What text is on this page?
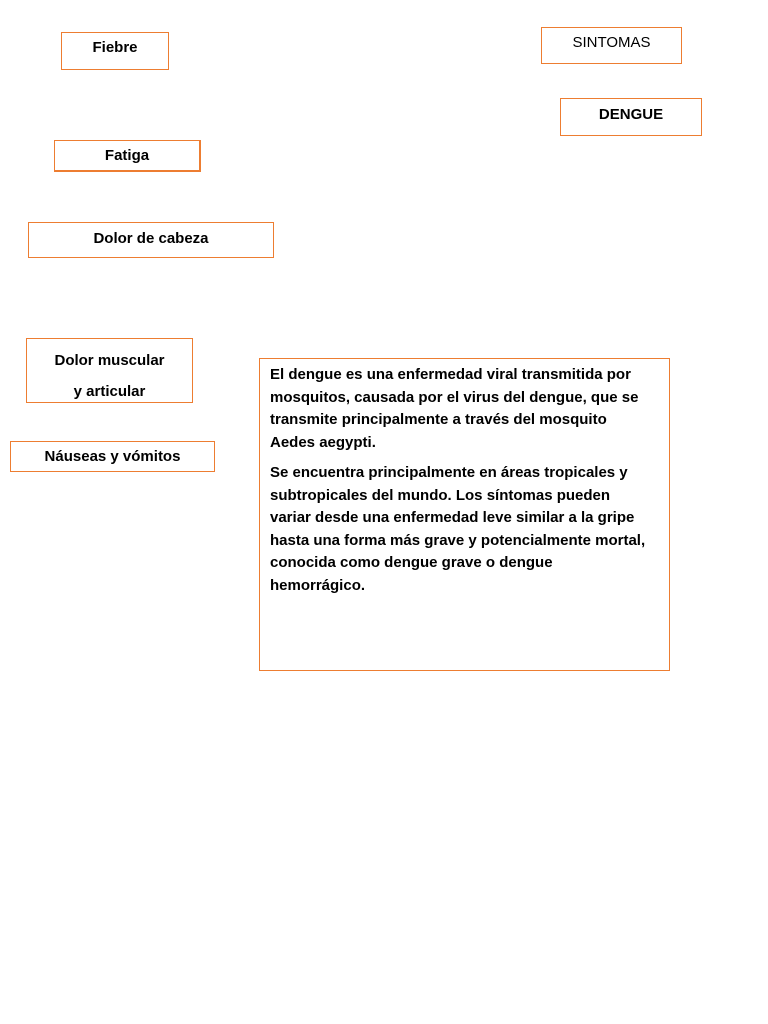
Fiebre	SINTOMAS
DENGUE
Fatiga
Dolor de cabeza
Dolor muscular
y articular
Náuseas y vómitos

El dengue es una enfermedad viral transmitida por mosquitos, causada por el virus del dengue, que se transmite principalmente a través del mosquito Aedes aegypti.

Se encuentra principalmente en áreas tropicales y subtropicales del mundo. Los síntomas pueden variar desde una enfermedad leve similar a la gripe hasta una forma más grave y potencialmente mortal, conocida como dengue grave o dengue hemorrágico.
